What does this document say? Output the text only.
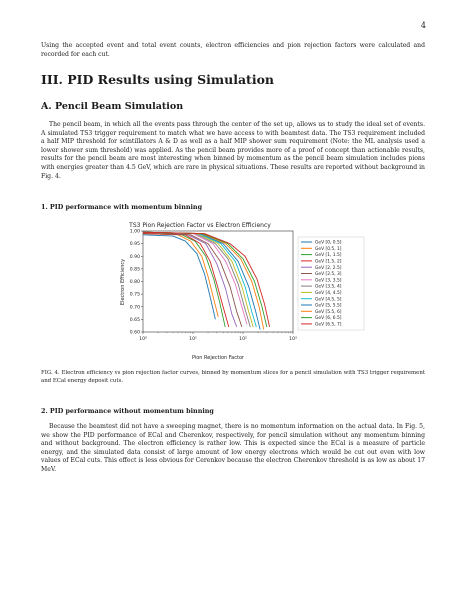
4

Using the accepted event and total event counts, electron efficiencies and pion rejection factors were calculated and recorded for each cut.

III. PID Results using Simulation
A. Pencil Beam Simulation

The pencil beam, in which all the events pass through the center of the set up, allows us to study the ideal set of events. A simulated TS3 trigger requirement to match what we have access to with beamtest data. The TS3 requirement included a half MIP threshold for scintillators A & D as well as a half MIP shower sum requirement (Note: the ML analysis used a lower shower sum threshold) was applied. As the pencil beam provides more of a proof of concept than actionable results, results for the pencil beam are most interesting when binned by momentum as the pencil beam simulation includes pions with energies greater than 4.5 GeV, which are rare in physical situations. These results are reported without background in Fig. 4.

1. PID performance with momentum binning
TS3 Pion Rejection Factor vs Electron Efficiency
0.60
0.65
0.70
0.75
0.80
0.85
0.90
0.95
1.00
10⁰	10¹	10²	10³
Pion Rejection Factor
Electron Efficiency
GeV [0, 0.5]
GeV [0.5, 1]
GeV [1, 1.5]
GeV [1.5, 2]
GeV [2, 2.5]
GeV [2.5, 3]
GeV [3, 3.5]
GeV [3.5, 4]
GeV [4, 4.5]
GeV [4.5, 5]
GeV [5, 5.5]
GeV [5.5, 6]
GeV [6, 6.5]
GeV [6.5, 7]

FIG. 4. Electron efficiency vs pion rejection factor curves, binned by momentum slices for a pencil simulation with TS3 trigger requirement and ECal energy deposit cuts.

2. PID performance without momentum binning

Because the beamtest did not have a sweeping magnet, there is no momentum information on the actual data. In Fig. 5, we show the PID performance of ECal and Cherenkov, respectively, for pencil simulation without any momentum binning and without background. The electron efficiency is rather low. This is expected since the ECal is a measure of particle energy, and the simulated data consist of large amount of low energy electrons which would be cut out even with low values of ECal cuts. This effect is less obvious for Cerenkov because the electron Cherenkov threshold is as low as about 17 MeV.
